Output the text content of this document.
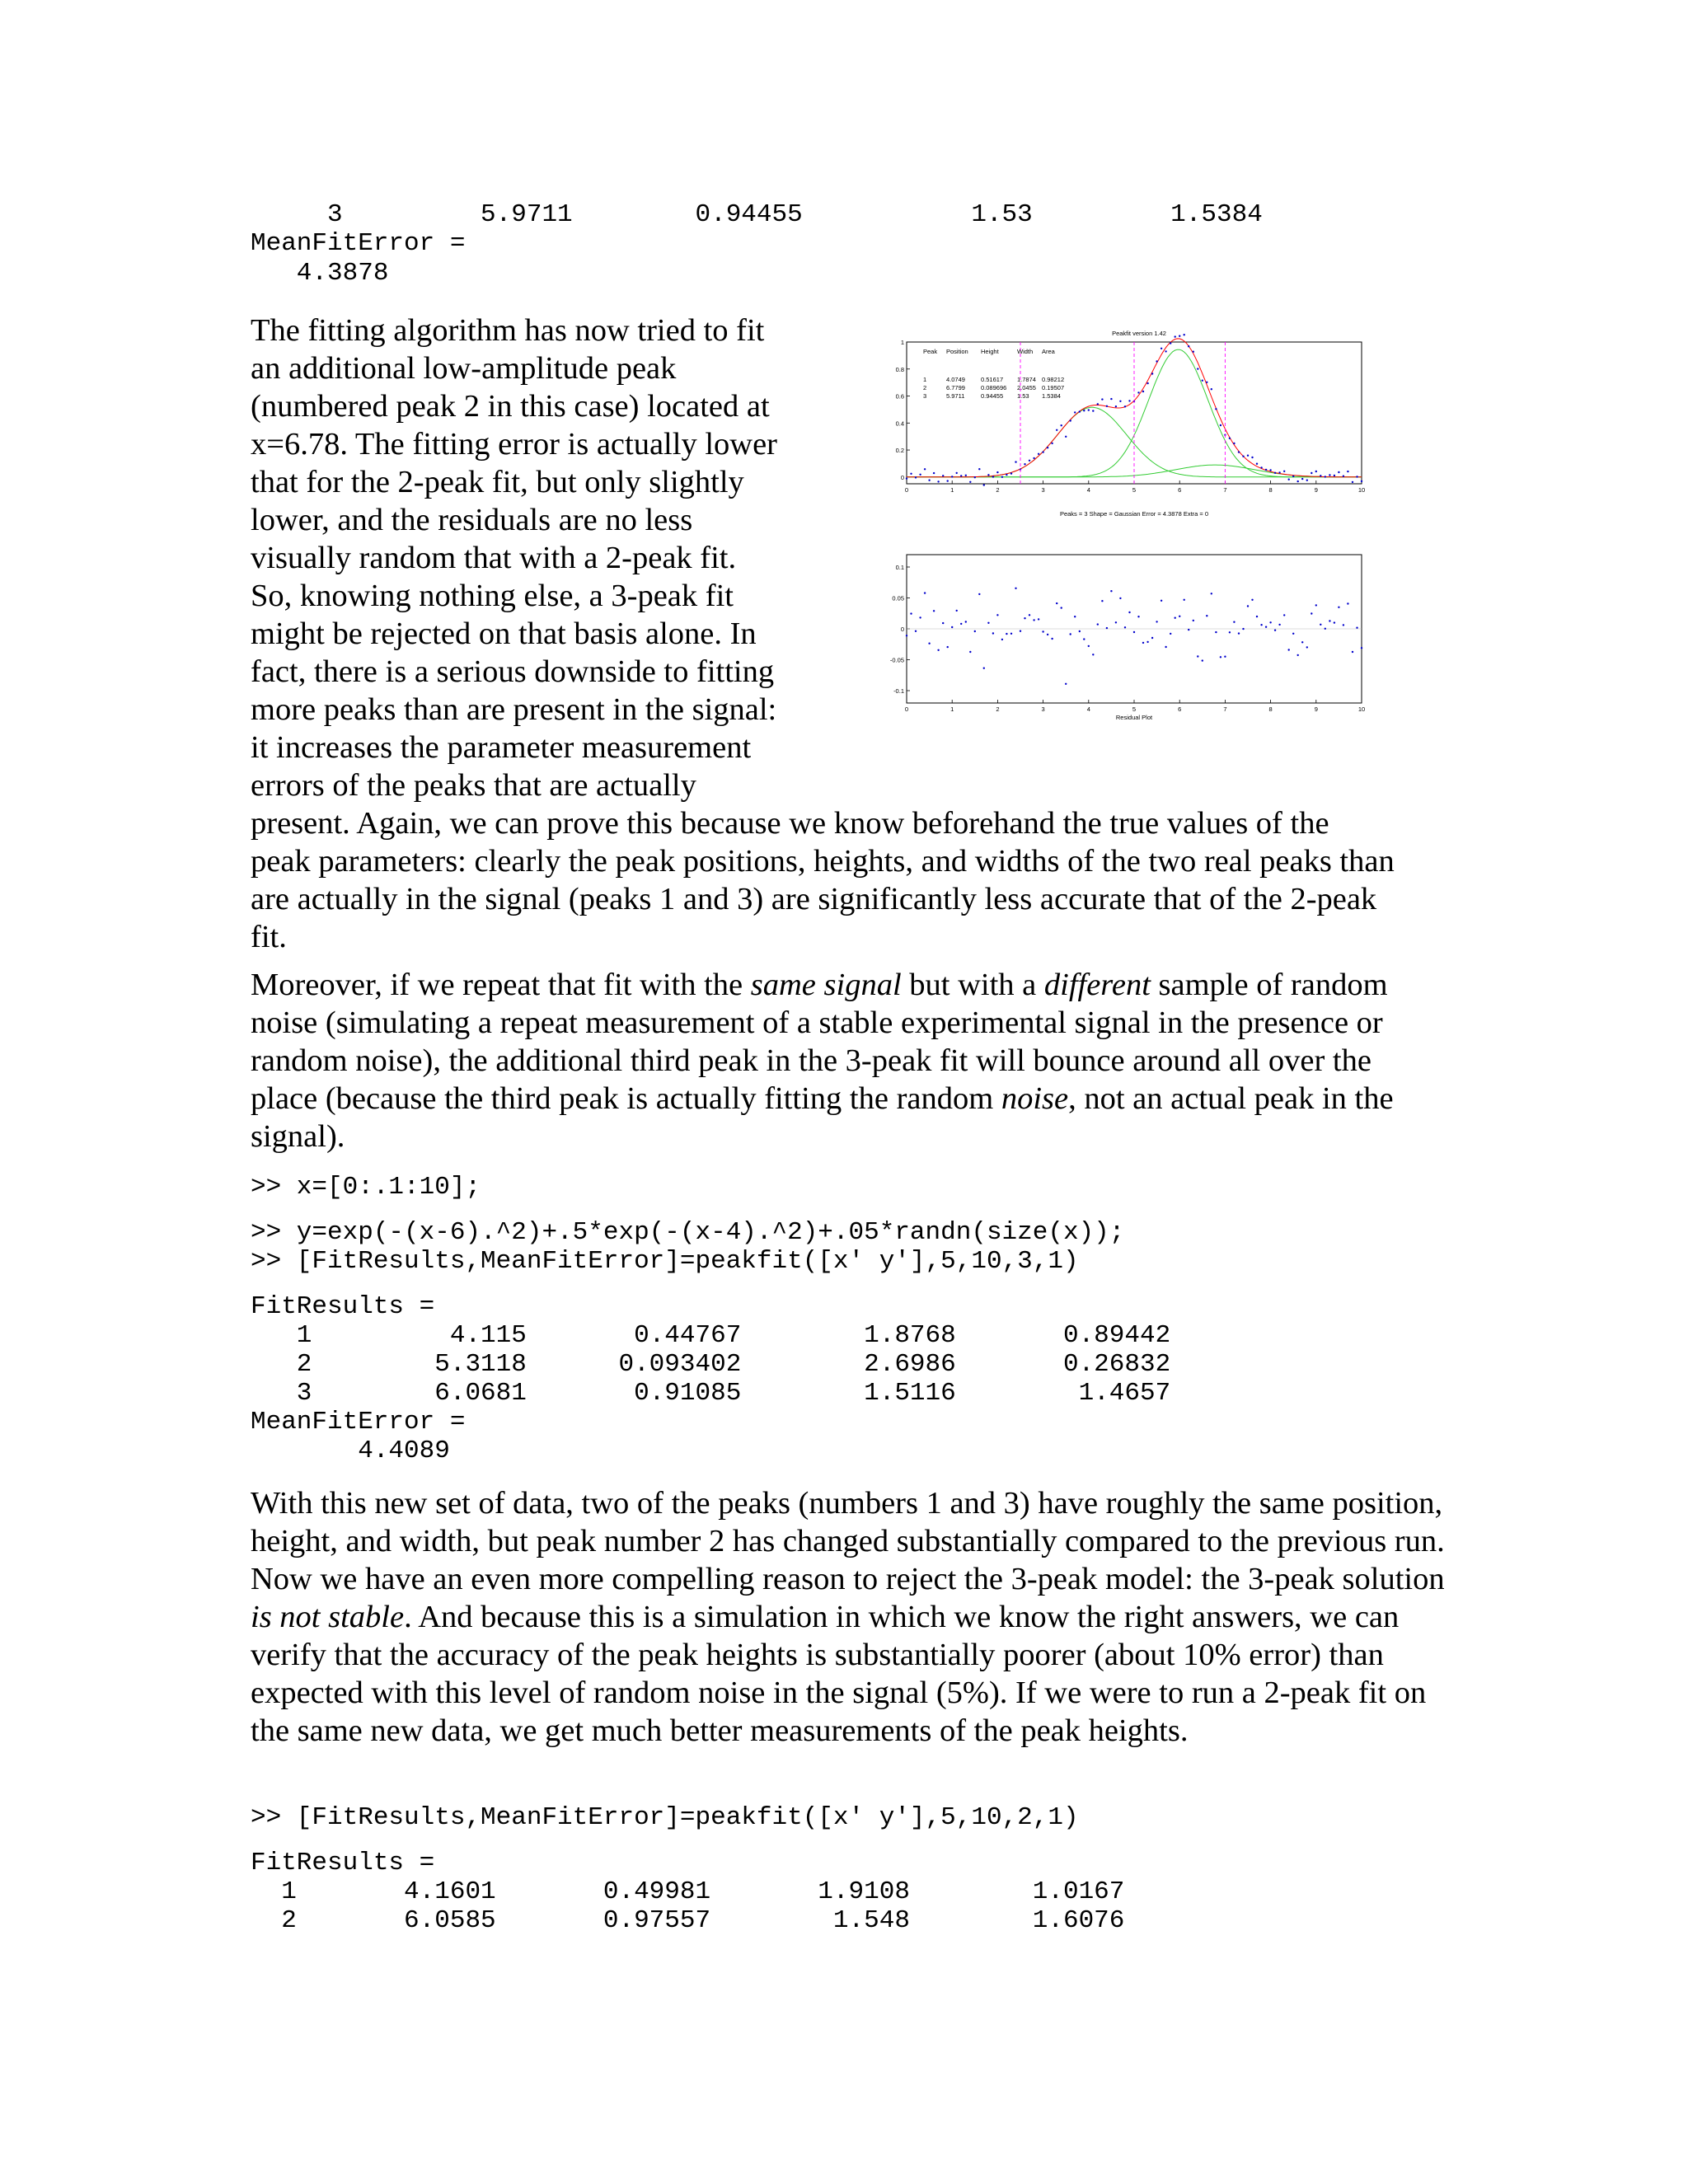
3         5.9711        0.94455           1.53         1.5384
MeanFitError =
4.3878
The fitting algorithm has now tried to fit
an additional low-amplitude peak
(numbered peak 2 in this case) located at
x=6.78. The fitting error is actually lower
that for the 2-peak fit, but only slightly
lower, and the residuals are no less
visually random that with a 2-peak fit.
So, knowing nothing else, a 3-peak fit
might be rejected on that basis alone. In
fact, there is a serious downside to fitting
more peaks than are present in the signal:
it increases the parameter measurement
errors of the peaks that are actually
present. Again, we can prove this because we know beforehand the true values of the
peak parameters: clearly the peak positions, heights, and widths of the two real peaks than
are actually in the signal (peaks 1 and 3) are significantly less accurate that of the 2-peak
fit.
Peakfit version 1.42
0	1	2	3	4	5	6	7	8	9	10
0
0.2
0.4
0.6
0.8
1
Peak Position Height	Width Area
1	4.0749	0.51617 1.7874 0.98212
2	6.7799	0.089696 2.0455 0.19507
3	5.9711	0.94455 1.53 1.5384
Peaks = 3 Shape = Gaussian Error = 4.3878 Extra = 0
0	1	2	3	4	5	6	7	8	9	10
-0.1
-0.05
0
0.05
0.1
Residual Plot

Moreover, if we repeat that fit with the same signal but with a different sample of random noise (simulating a repeat measurement of a stable experimental signal in the presence or random noise), the additional third peak in the 3-peak fit will bounce around all over the place (because the third peak is actually fitting the random noise, not an actual peak in the signal).

>> x=[0:.1:10];
>> y=exp(-(x-6).^2)+.5*exp(-(x-4).^2)+.05*randn(size(x));
>> [FitResults,MeanFitError]=peakfit([x' y'],5,10,3,1)
FitResults =
1         4.115       0.44767        1.8768       0.89442
2        5.3118      0.093402        2.6986       0.26832
3        6.0681       0.91085        1.5116        1.4657
MeanFitError =
4.4089

With this new set of data, two of the peaks (numbers 1 and 3) have roughly the same position, height, and width, but peak number 2 has changed substantially compared to the previous run. Now we have an even more compelling reason to reject the 3-peak model: the 3-peak solution is not stable. And because this is a simulation in which we know the right answers, we can verify that the accuracy of the peak heights is substantially poorer (about 10% error) than expected with this level of random noise in the signal (5%). If we were to run a 2-peak fit on the same new data, we get much better measurements of the peak heights.

>> [FitResults,MeanFitError]=peakfit([x' y'],5,10,2,1)
FitResults =
1       4.1601       0.49981       1.9108        1.0167
2       6.0585       0.97557        1.548        1.6076
